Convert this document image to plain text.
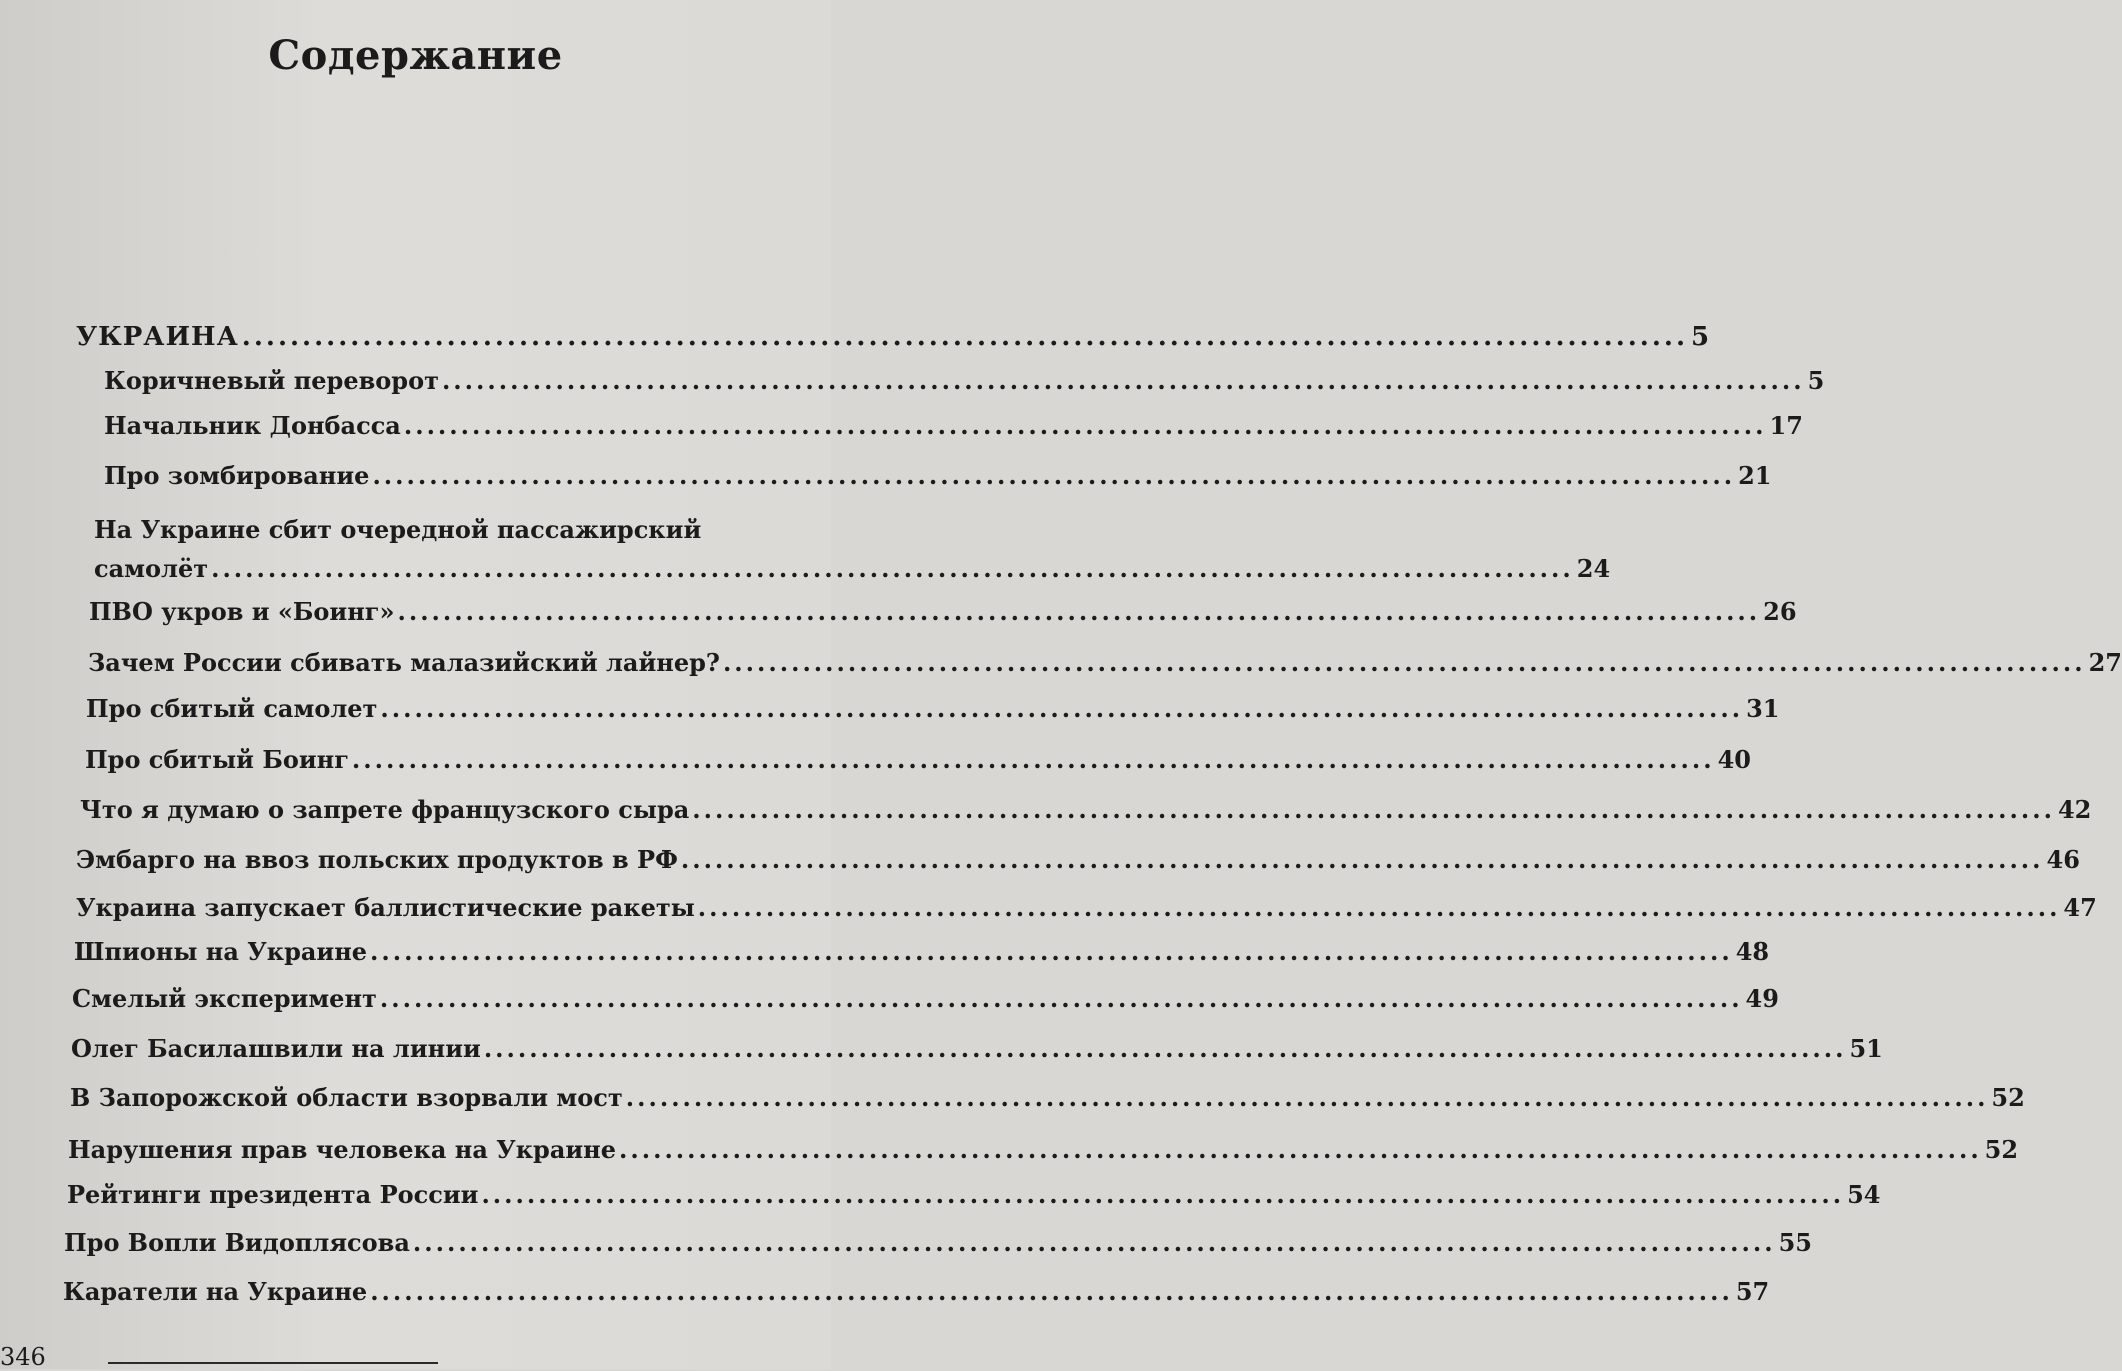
Содержание
УКРАИНА .....	5
Коричневый переворот .....	5
Начальник Донбасса .....	17
Про зомбирование .....	21
На Украине сбит очередной пассажирский
самолёт ........................................................................................................................ 24
ПВО укров и «Боинг» .....	26
Зачем России сбивать малазийский лайнер? .....	27
Про сбитый самолет .....	31
Про сбитый Боинг .....	40
Что я думаю о запрете французского сыра .....	42
Эмбарго на ввоз польских продуктов в РФ .....	46
Украина запускает баллистические ракеты .....	47
Шпионы на Украине .....	48
Смелый эксперимент .....	49
Олег Басилашвили на линии .....	51
В Запорожской области взорвали мост .....	52
Нарушения прав человека на Украине .....	52
Рейтинги президента России .....	54
Про Вопли Видоплясова .....	55
Каратели на Украине .....	57
346
